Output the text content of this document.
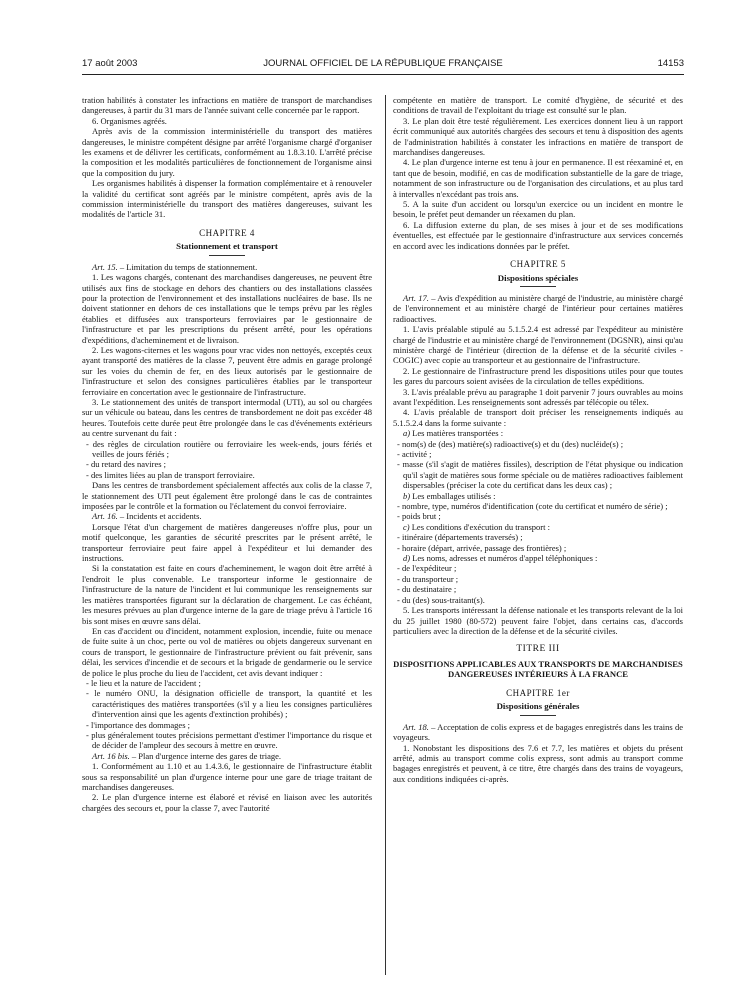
17 août 2003	JOURNAL OFFICIEL DE LA RÉPUBLIQUE FRANÇAISE	14153

tration habilités à constater les infractions en matière de transport de marchandises dangereuses, à partir du 31 mars de l'année suivant celle concernée par le rapport.

6. Organismes agréés.

Après avis de la commission interministérielle du transport des matières dangereuses, le ministre compétent désigne par arrêté l'organisme chargé d'organiser les examens et de délivrer les certificats, conformément au 1.8.3.10. L'arrêté précise la composition et les modalités particulières de fonctionnement de l'organisme ainsi que la composition du jury.

Les organismes habilités à dispenser la formation complémentaire et à renouveler la validité du certificat sont agréés par le ministre compétent, après avis de la commission interministérielle du transport des matières dangereuses, suivant les modalités de l'article 31.

CHAPITRE 4
Stationnement et transport

Art. 15. – Limitation du temps de stationnement.

1. Les wagons chargés, contenant des marchandises dangereuses, ne peuvent être utilisés aux fins de stockage en dehors des chantiers ou des installations classées pour la protection de l'environnement et des installations nucléaires de base. Ils ne doivent stationner en dehors de ces installations que le temps prévu par les règles établies et diffusées aux transporteurs ferroviaires par le gestionnaire de l'infrastructure et par les prescriptions du présent arrêté, pour les opérations d'expéditions, d'acheminement et de livraison.

2. Les wagons-citernes et les wagons pour vrac vides non nettoyés, exceptés ceux ayant transporté des matières de la classe 7, peuvent être admis en garage prolongé sur les voies du chemin de fer, en des lieux autorisés par le gestionnaire de l'infrastructure et selon des consignes particulières établies par le transporteur ferroviaire en concertation avec le gestionnaire de l'infrastructure.

3. Le stationnement des unités de transport intermodal (UTI), au sol ou chargées sur un véhicule ou bateau, dans les centres de transbordement ne doit pas excéder 48 heures. Toutefois cette durée peut être prolongée dans le cas d'événements extérieurs au centre survenant du fait :

- des règles de circulation routière ou ferroviaire les week-ends, jours fériés et veilles de jours fériés ;
- du retard des navires ;
- des limites liées au plan de transport ferroviaire.

Dans les centres de transbordement spécialement affectés aux colis de la classe 7, le stationnement des UTI peut également être prolongé dans le cas de contraintes imposées par le contrôle et la formation ou l'éclatement du convoi ferroviaire.

Art. 16. – Incidents et accidents.

Lorsque l'état d'un chargement de matières dangereuses n'offre plus, pour un motif quelconque, les garanties de sécurité prescrites par le présent arrêté, le transporteur ferroviaire peut faire appel à l'expéditeur et lui demander des instructions.

Si la constatation est faite en cours d'acheminement, le wagon doit être arrêté à l'endroit le plus convenable. Le transporteur informe le gestionnaire de l'infrastructure de la nature de l'incident et lui communique les renseignements sur les matières transportées figurant sur la déclaration de chargement. Le cas échéant, les mesures prévues au plan d'urgence interne de la gare de triage prévu à l'article 16 bis sont mises en œuvre sans délai.

En cas d'accident ou d'incident, notamment explosion, incendie, fuite ou menace de fuite suite à un choc, perte ou vol de matières ou objets dangereux survenant en cours de transport, le gestionnaire de l'infrastructure prévient ou fait prévenir, sans délai, les services d'incendie et de secours et la brigade de gendarmerie ou le service de police le plus proche du lieu de l'accident, cet avis devant indiquer :

- le lieu et la nature de l'accident ;
- le numéro ONU, la désignation officielle de transport, la quantité et les caractéristiques des matières transportées (s'il y a lieu les consignes particulières d'intervention ainsi que les agents d'extinction prohibés) ;
- l'importance des dommages ;
- plus généralement toutes précisions permettant d'estimer l'importance du risque et de décider de l'ampleur des secours à mettre en œuvre.

Art. 16 bis. – Plan d'urgence interne des gares de triage.

1. Conformément au 1.10 et au 1.4.3.6, le gestionnaire de l'infrastructure établit sous sa responsabilité un plan d'urgence interne pour une gare de triage traitant de marchandises dangereuses.

2. Le plan d'urgence interne est élaboré et révisé en liaison avec les autorités chargées des secours et, pour la classe 7, avec l'autorité

compétente en matière de transport. Le comité d'hygiène, de sécurité et des conditions de travail de l'exploitant du triage est consulté sur le plan.

3. Le plan doit être testé régulièrement. Les exercices donnent lieu à un rapport écrit communiqué aux autorités chargées des secours et tenu à disposition des agents de l'administration habilités à constater les infractions en matière de transport de marchandises dangereuses.

4. Le plan d'urgence interne est tenu à jour en permanence. Il est réexaminé et, en tant que de besoin, modifié, en cas de modification substantielle de la gare de triage, notamment de son infrastructure ou de l'organisation des circulations, et au plus tard à intervalles n'excédant pas trois ans.

5. A la suite d'un accident ou lorsqu'un exercice ou un incident en montre le besoin, le préfet peut demander un réexamen du plan.

6. La diffusion externe du plan, de ses mises à jour et de ses modifications éventuelles, est effectuée par le gestionnaire d'infrastructure aux services concernés en accord avec les indications données par le préfet.

CHAPITRE 5
Dispositions spéciales

Art. 17. – Avis d'expédition au ministère chargé de l'industrie, au ministère chargé de l'environnement et au ministère chargé de l'intérieur pour certaines matières radioactives.

1. L'avis préalable stipulé au 5.1.5.2.4 est adressé par l'expéditeur au ministère chargé de l'industrie et au ministère chargé de l'environnement (DGSNR), ainsi qu'au ministère chargé de l'intérieur (direction de la défense et de la sécurité civiles - COGIC) avec copie au transporteur et au gestionnaire de l'infrastructure.

2. Le gestionnaire de l'infrastructure prend les dispositions utiles pour que toutes les gares du parcours soient avisées de la circulation de telles expéditions.

3. L'avis préalable prévu au paragraphe 1 doit parvenir 7 jours ouvrables au moins avant l'expédition. Les renseignements sont adressés par télécopie ou télex.

4. L'avis préalable de transport doit préciser les renseignements indiqués au 5.1.5.2.4 dans la forme suivante :

a) Les matières transportées :

- nom(s) de (des) matière(s) radioactive(s) et du (des) nucléide(s) ;
- activité ;
- masse (s'il s'agit de matières fissiles), description de l'état physique ou indication qu'il s'agit de matières sous forme spéciale ou de matières radioactives faiblement dispersables (préciser la cote du certificat dans les deux cas) ;

b) Les emballages utilisés :

- nombre, type, numéros d'identification (cote du certificat et numéro de série) ;
- poids brut ;

c) Les conditions d'exécution du transport :

- itinéraire (départements traversés) ;
- horaire (départ, arrivée, passage des frontières) ;

d) Les noms, adresses et numéros d'appel téléphoniques :

- de l'expéditeur ;
- du transporteur ;
- du destinataire ;
- du (des) sous-traitant(s).

5. Les transports intéressant la défense nationale et les transports relevant de la loi du 25 juillet 1980 (80-572) peuvent faire l'objet, dans certains cas, d'accords particuliers avec la direction de la défense et de la sécurité civiles.

TITRE III
DISPOSITIONS APPLICABLES AUX TRANSPORTS DE MARCHANDISES DANGEREUSES INTÉRIEURS À LA FRANCE
CHAPITRE 1er
Dispositions générales

Art. 18. – Acceptation de colis express et de bagages enregistrés dans les trains de voyageurs.

1. Nonobstant les dispositions des 7.6 et 7.7, les matières et objets du présent arrêté, admis au transport comme colis express, sont admis au transport comme bagages enregistrés et peuvent, à ce titre, être chargés dans des trains de voyageurs, aux conditions indiquées ci-après.
